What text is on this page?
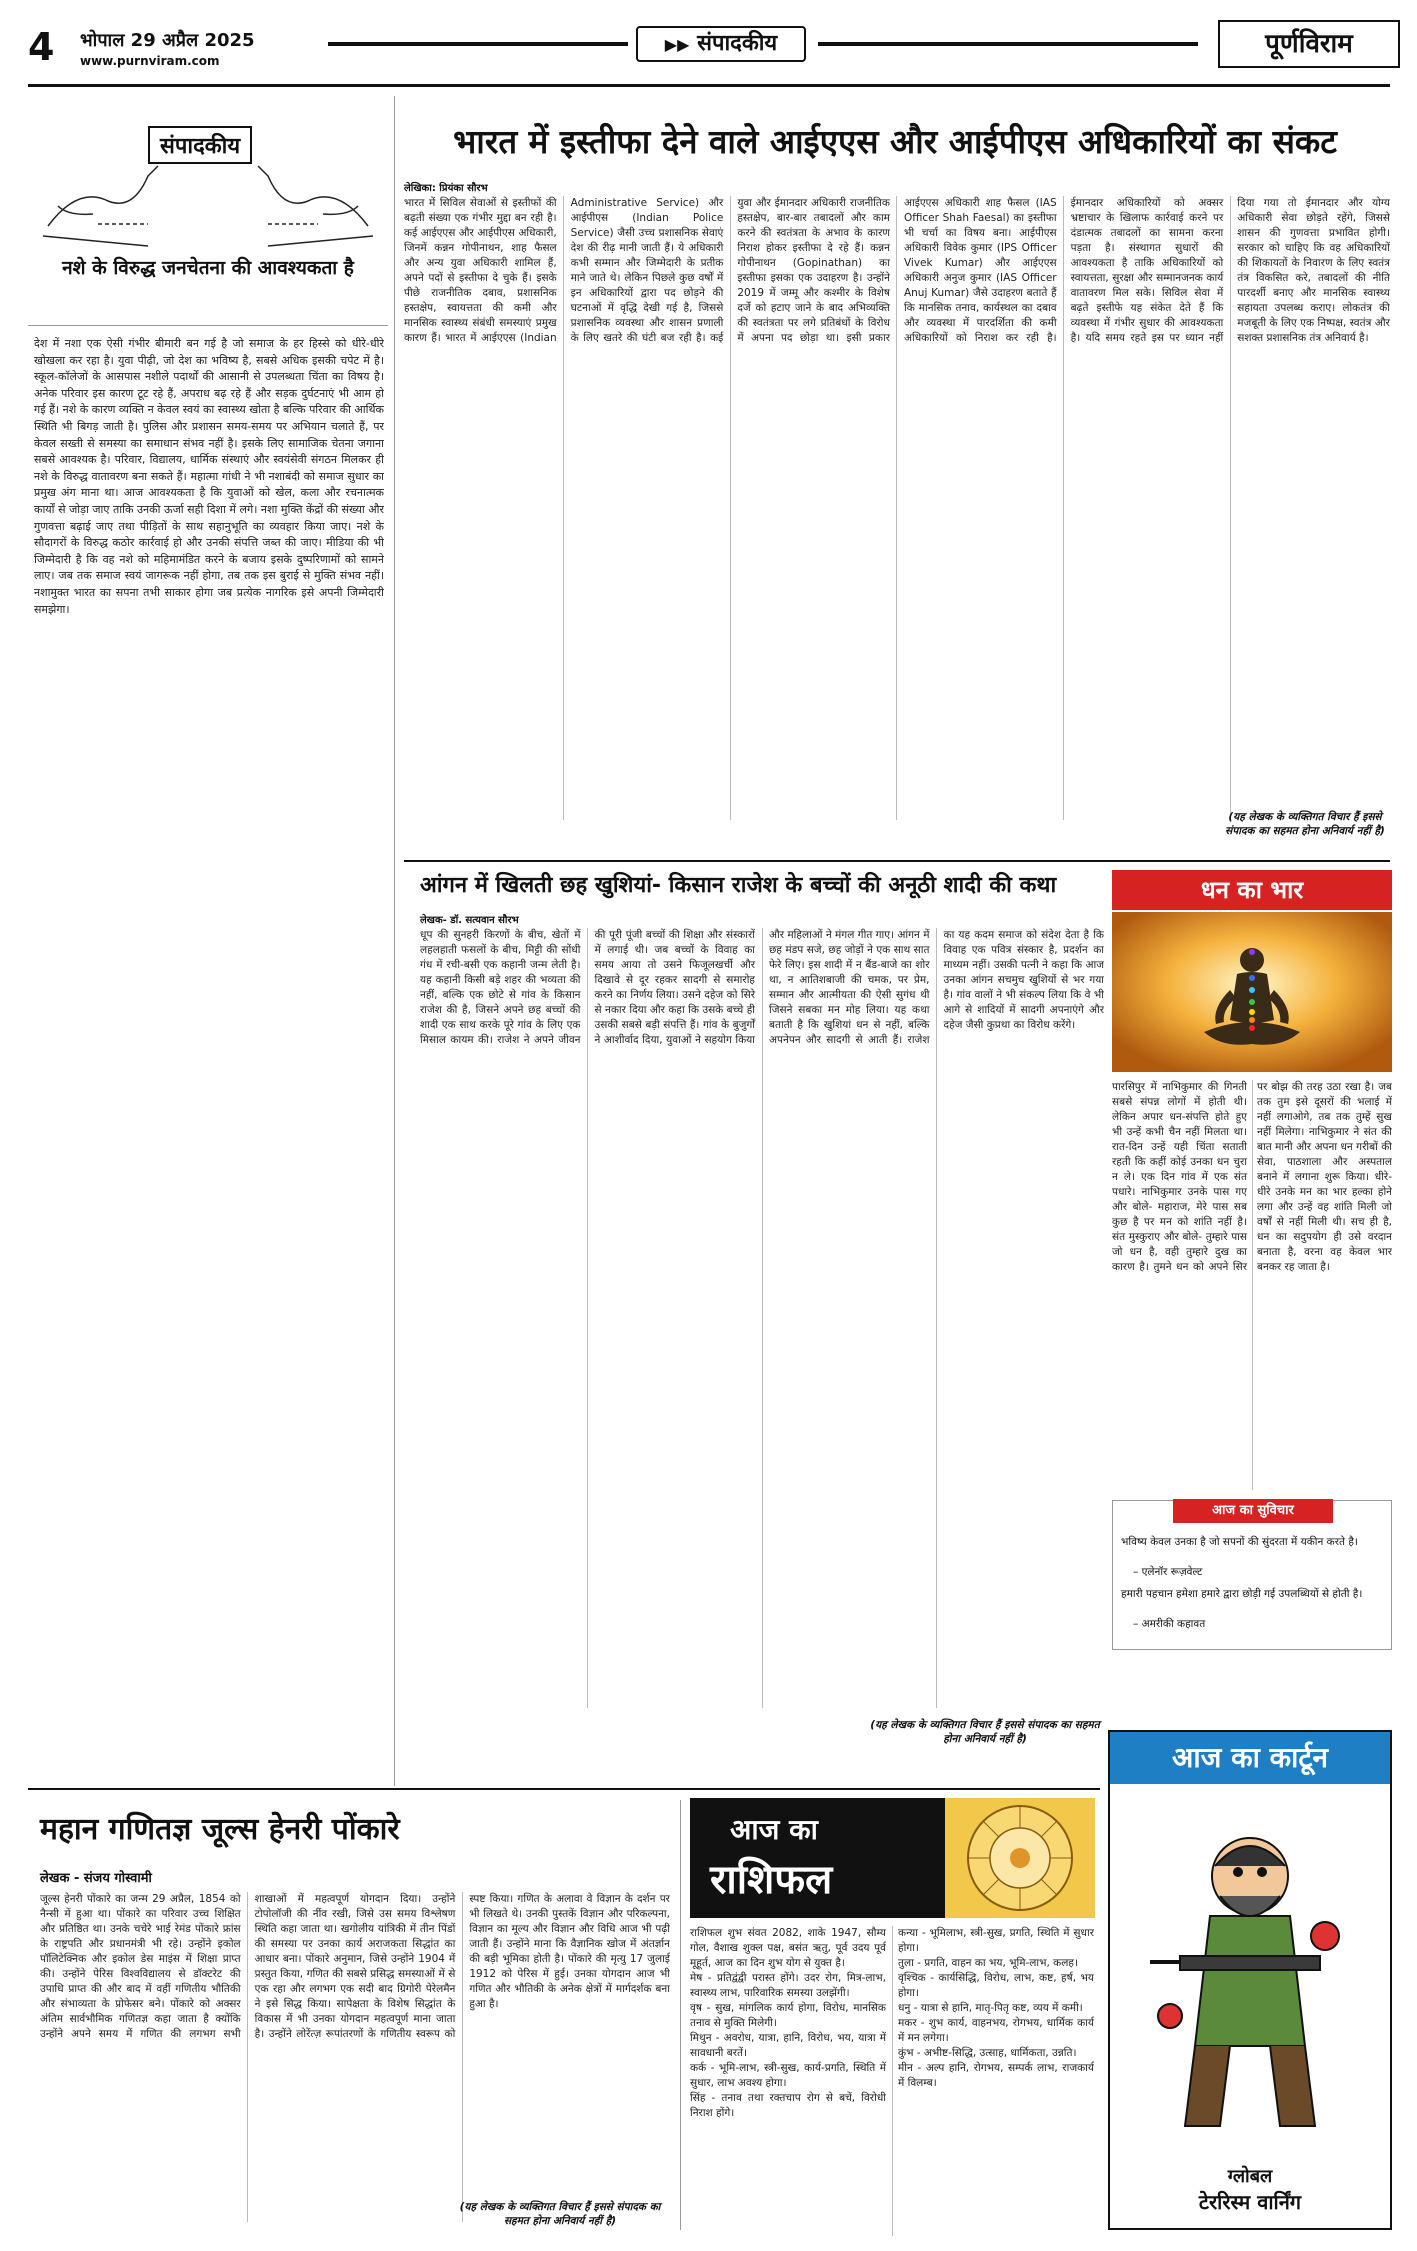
4	भोपाल 29 अप्रैल 2025
www.purnviram.com
▶▶ संपादकीय	पूर्णविराम
संपादकीय
नशे के विरुद्ध जनचेतना की आवश्यकता है
देश में नशा एक ऐसी गंभीर बीमारी बन गई है जो समाज के हर हिस्से को धीरे-धीरे खोखला कर रहा है। युवा पीढ़ी, जो देश का भविष्य है, सबसे अधिक इसकी चपेट में है। स्कूल-कॉलेजों के आसपास नशीले पदार्थों की आसानी से उपलब्धता चिंता का विषय है। अनेक परिवार इस कारण टूट रहे हैं, अपराध बढ़ रहे हैं और सड़क दुर्घटनाएं भी आम हो गई हैं। नशे के कारण व्यक्ति न केवल स्वयं का स्वास्थ्य खोता है बल्कि परिवार की आर्थिक स्थिति भी बिगड़ जाती है। पुलिस और प्रशासन समय-समय पर अभियान चलाते हैं, पर केवल सख्ती से समस्या का समाधान संभव नहीं है। इसके लिए सामाजिक चेतना जगाना सबसे आवश्यक है। परिवार, विद्यालय, धार्मिक संस्थाएं और स्वयंसेवी संगठन मिलकर ही नशे के विरुद्ध वातावरण बना सकते हैं। महात्मा गांधी ने भी नशाबंदी को समाज सुधार का प्रमुख अंग माना था। आज आवश्यकता है कि युवाओं को खेल, कला और रचनात्मक कार्यों से जोड़ा जाए ताकि उनकी ऊर्जा सही दिशा में लगे। नशा मुक्ति केंद्रों की संख्या और गुणवत्ता बढ़ाई जाए तथा पीड़ितों के साथ सहानुभूति का व्यवहार किया जाए। नशे के सौदागरों के विरुद्ध कठोर कार्रवाई हो और उनकी संपत्ति जब्त की जाए। मीडिया की भी जिम्मेदारी है कि वह नशे को महिमामंडित करने के बजाय इसके दुष्परिणामों को सामने लाए। जब तक समाज स्वयं जागरूक नहीं होगा, तब तक इस बुराई से मुक्ति संभव नहीं। नशामुक्त भारत का सपना तभी साकार होगा जब प्रत्येक नागरिक इसे अपनी जिम्मेदारी समझेगा।
भारत में इस्तीफा देने वाले आईएएस और आईपीएस अधिकारियों का संकट
लेखिका: प्रियंका सौरभ
भारत में सिविल सेवाओं से इस्तीफों की बढ़ती संख्या एक गंभीर मुद्दा बन रही है। कई आईएएस और आईपीएस अधिकारी, जिनमें कन्नन गोपीनाथन, शाह फैसल और अन्य युवा अधिकारी शामिल हैं, अपने पदों से इस्तीफा दे चुके हैं। इसके पीछे राजनीतिक दबाव, प्रशासनिक हस्तक्षेप, स्वायत्तता की कमी और मानसिक स्वास्थ्य संबंधी समस्याएं प्रमुख कारण हैं। भारत में आईएएस (Indian Administrative Service) और आईपीएस (Indian Police Service) जैसी उच्च प्रशासनिक सेवाएं देश की रीढ़ मानी जाती हैं। ये अधिकारी कभी सम्मान और जिम्मेदारी के प्रतीक माने जाते थे। लेकिन पिछले कुछ वर्षों में इन अधिकारियों द्वारा पद छोड़ने की घटनाओं में वृद्धि देखी गई है, जिससे प्रशासनिक व्यवस्था और शासन प्रणाली के लिए खतरे की घंटी बज रही है। कई युवा और ईमानदार अधिकारी राजनीतिक हस्तक्षेप, बार-बार तबादलों और काम करने की स्वतंत्रता के अभाव के कारण निराश होकर इस्तीफा दे रहे हैं। कन्नन गोपीनाथन (Gopinathan) का इस्तीफा इसका एक उदाहरण है। उन्होंने 2019 में जम्मू और कश्मीर के विशेष दर्जे को हटाए जाने के बाद अभिव्यक्ति की स्वतंत्रता पर लगे प्रतिबंधों के विरोध में अपना पद छोड़ा था। इसी प्रकार आईएएस अधिकारी शाह फैसल (IAS Officer Shah Faesal) का इस्तीफा भी चर्चा का विषय बना। आईपीएस अधिकारी विवेक कुमार (IPS Officer Vivek Kumar) और आईएएस अधिकारी अनुज कुमार (IAS Officer Anuj Kumar) जैसे उदाहरण बताते हैं कि मानसिक तनाव, कार्यस्थल का दबाव और व्यवस्था में पारदर्शिता की कमी अधिकारियों को निराश कर रही है। ईमानदार अधिकारियों को अक्सर भ्रष्टाचार के खिलाफ कार्रवाई करने पर दंडात्मक तबादलों का सामना करना पड़ता है। संस्थागत सुधारों की आवश्यकता है ताकि अधिकारियों को स्वायत्तता, सुरक्षा और सम्मानजनक कार्य वातावरण मिल सके। सिविल सेवा में बढ़ते इस्तीफे यह संकेत देते हैं कि व्यवस्था में गंभीर सुधार की आवश्यकता है। यदि समय रहते इस पर ध्यान नहीं दिया गया तो ईमानदार और योग्य अधिकारी सेवा छोड़ते रहेंगे, जिससे शासन की गुणवत्ता प्रभावित होगी। सरकार को चाहिए कि वह अधिकारियों की शिकायतों के निवारण के लिए स्वतंत्र तंत्र विकसित करे, तबादलों की नीति पारदर्शी बनाए और मानसिक स्वास्थ्य सहायता उपलब्ध कराए। लोकतंत्र की मजबूती के लिए एक निष्पक्ष, स्वतंत्र और सशक्त प्रशासनिक तंत्र अनिवार्य है।
(यह लेखक के व्यक्तिगत विचार हैं इससे संपादक का सहमत होना अनिवार्य नहीं है)
आंगन में खिलती छह खुशियां- किसान राजेश के बच्चों की अनूठी शादी की कथा
लेखक- डॉ. सत्यवान सौरभ
धूप की सुनहरी किरणों के बीच, खेतों में लहलहाती फसलों के बीच, मिट्टी की सोंधी गंध में रची-बसी एक कहानी जन्म लेती है। यह कहानी किसी बड़े शहर की भव्यता की नहीं, बल्कि एक छोटे से गांव के किसान राजेश की है, जिसने अपने छह बच्चों की शादी एक साथ करके पूरे गांव के लिए एक मिसाल कायम की। राजेश ने अपने जीवन की पूरी पूंजी बच्चों की शिक्षा और संस्कारों में लगाई थी। जब बच्चों के विवाह का समय आया तो उसने फिजूलखर्ची और दिखावे से दूर रहकर सादगी से समारोह करने का निर्णय लिया। उसने दहेज को सिरे से नकार दिया और कहा कि उसके बच्चे ही उसकी सबसे बड़ी संपत्ति हैं। गांव के बुजुर्गों ने आशीर्वाद दिया, युवाओं ने सहयोग किया और महिलाओं ने मंगल गीत गाए। आंगन में छह मंडप सजे, छह जोड़ों ने एक साथ सात फेरे लिए। इस शादी में न बैंड-बाजे का शोर था, न आतिशबाजी की चमक, पर प्रेम, सम्मान और आत्मीयता की ऐसी सुगंध थी जिसने सबका मन मोह लिया। यह कथा बताती है कि खुशियां धन से नहीं, बल्कि अपनेपन और सादगी से आती हैं। राजेश का यह कदम समाज को संदेश देता है कि विवाह एक पवित्र संस्कार है, प्रदर्शन का माध्यम नहीं। उसकी पत्नी ने कहा कि आज उनका आंगन सचमुच खुशियों से भर गया है। गांव वालों ने भी संकल्प लिया कि वे भी आगे से शादियों में सादगी अपनाएंगे और दहेज जैसी कुप्रथा का विरोध करेंगे।
(यह लेखक के व्यक्तिगत विचार हैं इससे संपादक का सहमत होना अनिवार्य नहीं है)
धन का भार
पारसिपुर में नाभिकुमार की गिनती सबसे संपन्न लोगों में होती थी। लेकिन अपार धन-संपत्ति होते हुए भी उन्हें कभी चैन नहीं मिलता था। रात-दिन उन्हें यही चिंता सताती रहती कि कहीं कोई उनका धन चुरा न ले। एक दिन गांव में एक संत पधारे। नाभिकुमार उनके पास गए और बोले- महाराज, मेरे पास सब कुछ है पर मन को शांति नहीं है। संत मुस्कुराए और बोले- तुम्हारे पास जो धन है, वही तुम्हारे दुख का कारण है। तुमने धन को अपने सिर पर बोझ की तरह उठा रखा है। जब तक तुम इसे दूसरों की भलाई में नहीं लगाओगे, तब तक तुम्हें सुख नहीं मिलेगा। नाभिकुमार ने संत की बात मानी और अपना धन गरीबों की सेवा, पाठशाला और अस्पताल बनाने में लगाना शुरू किया। धीरे-धीरे उनके मन का भार हल्का होने लगा और उन्हें वह शांति मिली जो वर्षों से नहीं मिली थी। सच ही है, धन का सदुपयोग ही उसे वरदान बनाता है, वरना वह केवल भार बनकर रह जाता है।
आज का सुविचार
भविष्य केवल उनका है जो सपनों की सुंदरता में यकीन करते है।
– एलेनॉर रूज़वेल्ट
हमारी पहचान हमेशा हमारे द्वारा छोड़ी गई उपलब्धियों से होती है।
– अमरीकी कहावत
महान गणितज्ञ जूल्स हेनरी पोंकारे
लेखक - संजय गोस्वामी
जूल्स हेनरी पोंकारे का जन्म 29 अप्रैल, 1854 को नैन्सी में हुआ था। पोंकारे का परिवार उच्च शिक्षित और प्रतिष्ठित था। उनके चचेरे भाई रेमंड पोंकारे फ्रांस के राष्ट्रपति और प्रधानमंत्री भी रहे। उन्होंने इकोल पॉलिटेक्निक और इकोल डेस माइंस में शिक्षा प्राप्त की। उन्होंने पेरिस विश्वविद्यालय से डॉक्टरेट की उपाधि प्राप्त की और बाद में वहीं गणितीय भौतिकी और संभाव्यता के प्रोफेसर बने। पोंकारे को अक्सर अंतिम सार्वभौमिक गणितज्ञ कहा जाता है क्योंकि उन्होंने अपने समय में गणित की लगभग सभी शाखाओं में महत्वपूर्ण योगदान दिया। उन्होंने टोपोलॉजी की नींव रखी, जिसे उस समय विश्लेषण स्थिति कहा जाता था। खगोलीय यांत्रिकी में तीन पिंडों की समस्या पर उनका कार्य अराजकता सिद्धांत का आधार बना। पोंकारे अनुमान, जिसे उन्होंने 1904 में प्रस्तुत किया, गणित की सबसे प्रसिद्ध समस्याओं में से एक रहा और लगभग एक सदी बाद ग्रिगोरी पेरेलमैन ने इसे सिद्ध किया। सापेक्षता के विशेष सिद्धांत के विकास में भी उनका योगदान महत्वपूर्ण माना जाता है। उन्होंने लोरेंत्ज़ रूपांतरणों के गणितीय स्वरूप को स्पष्ट किया। गणित के अलावा वे विज्ञान के दर्शन पर भी लिखते थे। उनकी पुस्तकें विज्ञान और परिकल्पना, विज्ञान का मूल्य और विज्ञान और विधि आज भी पढ़ी जाती हैं। उन्होंने माना कि वैज्ञानिक खोज में अंतर्ज्ञान की बड़ी भूमिका होती है। पोंकारे की मृत्यु 17 जुलाई 1912 को पेरिस में हुई। उनका योगदान आज भी गणित और भौतिकी के अनेक क्षेत्रों में मार्गदर्शक बना हुआ है।
(यह लेखक के व्यक्तिगत विचार हैं इससे संपादक का सहमत होना अनिवार्य नहीं है)
आज का
राशिफल

राशिफल शुभ संवत 2082, शाके 1947, सौम्य गोल, वैशाख शुक्ल पक्ष, बसंत ऋतु, पूर्व उदय पूर्व मूहूर्त, आज का दिन शुभ योग से युक्त है।

मेष - प्रतिद्वंद्वी परास्त होंगे। उदर रोग, मित्र-लाभ, स्वास्थ्य लाभ, पारिवारिक समस्या उलझेंगी।

वृष - सुख, मांगलिक कार्य होगा, विरोध, मानसिक तनाव से मुक्ति मिलेगी।

मिथुन - अवरोध, यात्रा, हानि, विरोध, भय, यात्रा में सावधानी बरतें।

कर्क - भूमि-लाभ, स्त्री-सुख, कार्य-प्रगति, स्थिति में सुधार, लाभ अवश्य होगा।

सिंह - तनाव तथा रक्तचाप रोग से बचें, विरोधी निराश होंगे।

कन्या - भूमिलाभ, स्त्री-सुख, प्रगति, स्थिति में सुधार होगा।

तुला - प्रगति, वाहन का भय, भूमि-लाभ, कलह।

वृश्चिक - कार्यसिद्धि, विरोध, लाभ, कष्ट, हर्ष, भय होगा।

धनु - यात्रा से हानि, मातृ-पितृ कष्ट, व्यय में कमी।

मकर - शुभ कार्य, वाहनभय, रोगभय, धार्मिक कार्य में मन लगेगा।

कुंभ - अभीष्ट-सिद्धि, उत्साह, धार्मिकता, उन्नति।

मीन - अल्प हानि, रोगभय, सम्पर्क लाभ, राजकार्य में विलम्ब।

आज का कार्टून
ग्लोबल
टेररिस्म वार्निंग
